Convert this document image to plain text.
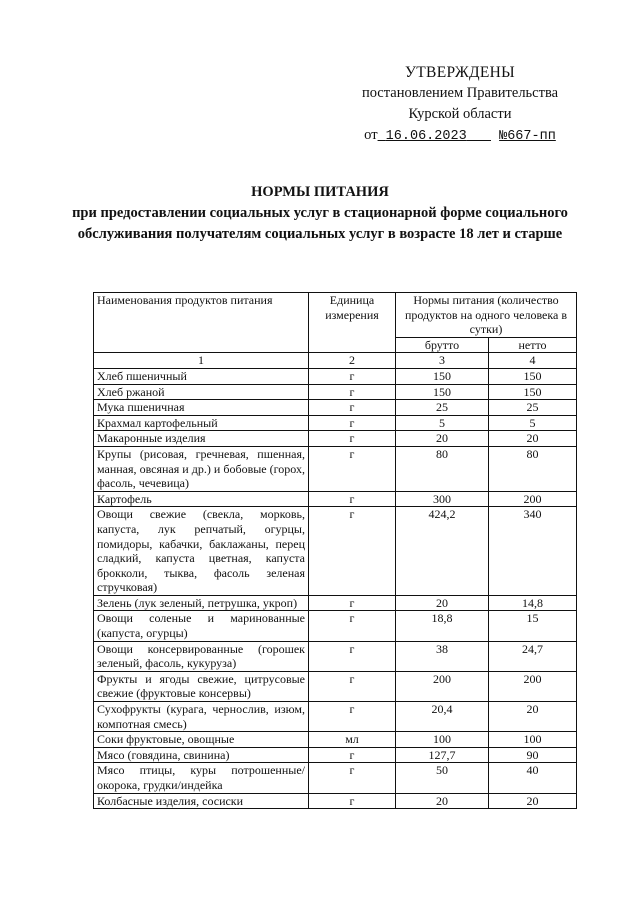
УТВЕРЖДЕНЫ
постановлением Правительства
Курской области
от 16.06.2023 №667-пп
НОРМЫ ПИТАНИЯ
при предоставлении социальных услуг в стационарной форме социального обслуживания получателям социальных услуг в возрасте 18 лет и старше
Наименования продуктов питания	Единица измерения	Нормы питания (количество продуктов на одного человека в сутки)	
		брутто	нетто
1	2	3	4
Хлеб пшеничный	г	150	150
Хлеб ржаной	г	150	150
Мука пшеничная	г	25	25
Крахмал картофельный	г	5	5
Макаронные изделия	г	20	20
Крупы (рисовая, гречневая, пшенная, манная, овсяная и др.) и бобовые (горох, фасоль, чечевица)	г	80	80
Картофель	г	300	200
Овощи свежие (свекла, морковь, капуста, лук репчатый, огурцы, помидоры, кабачки, баклажаны, перец сладкий, капуста цветная, капуста брокколи, тыква, фасоль зеленая стручковая)	г	424,2	340
Зелень (лук зеленый, петрушка, укроп)	г	20	14,8
Овощи соленые и маринованные (капуста, огурцы)	г	18,8	15
Овощи консервированные (горошек зеленый, фасоль, кукуруза)	г	38	24,7
Фрукты и ягоды свежие, цитрусовые свежие (фруктовые консервы)	г	200	200
Сухофрукты (курага, чернослив, изюм, компотная смесь)	г	20,4	20
Соки фруктовые, овощные	мл	100	100
Мясо (говядина, свинина)	г	127,7	90
Мясо птицы, куры потрошенные/окорока, грудки/индейка	г	50	40
Колбасные изделия, сосиски	г	20	20
